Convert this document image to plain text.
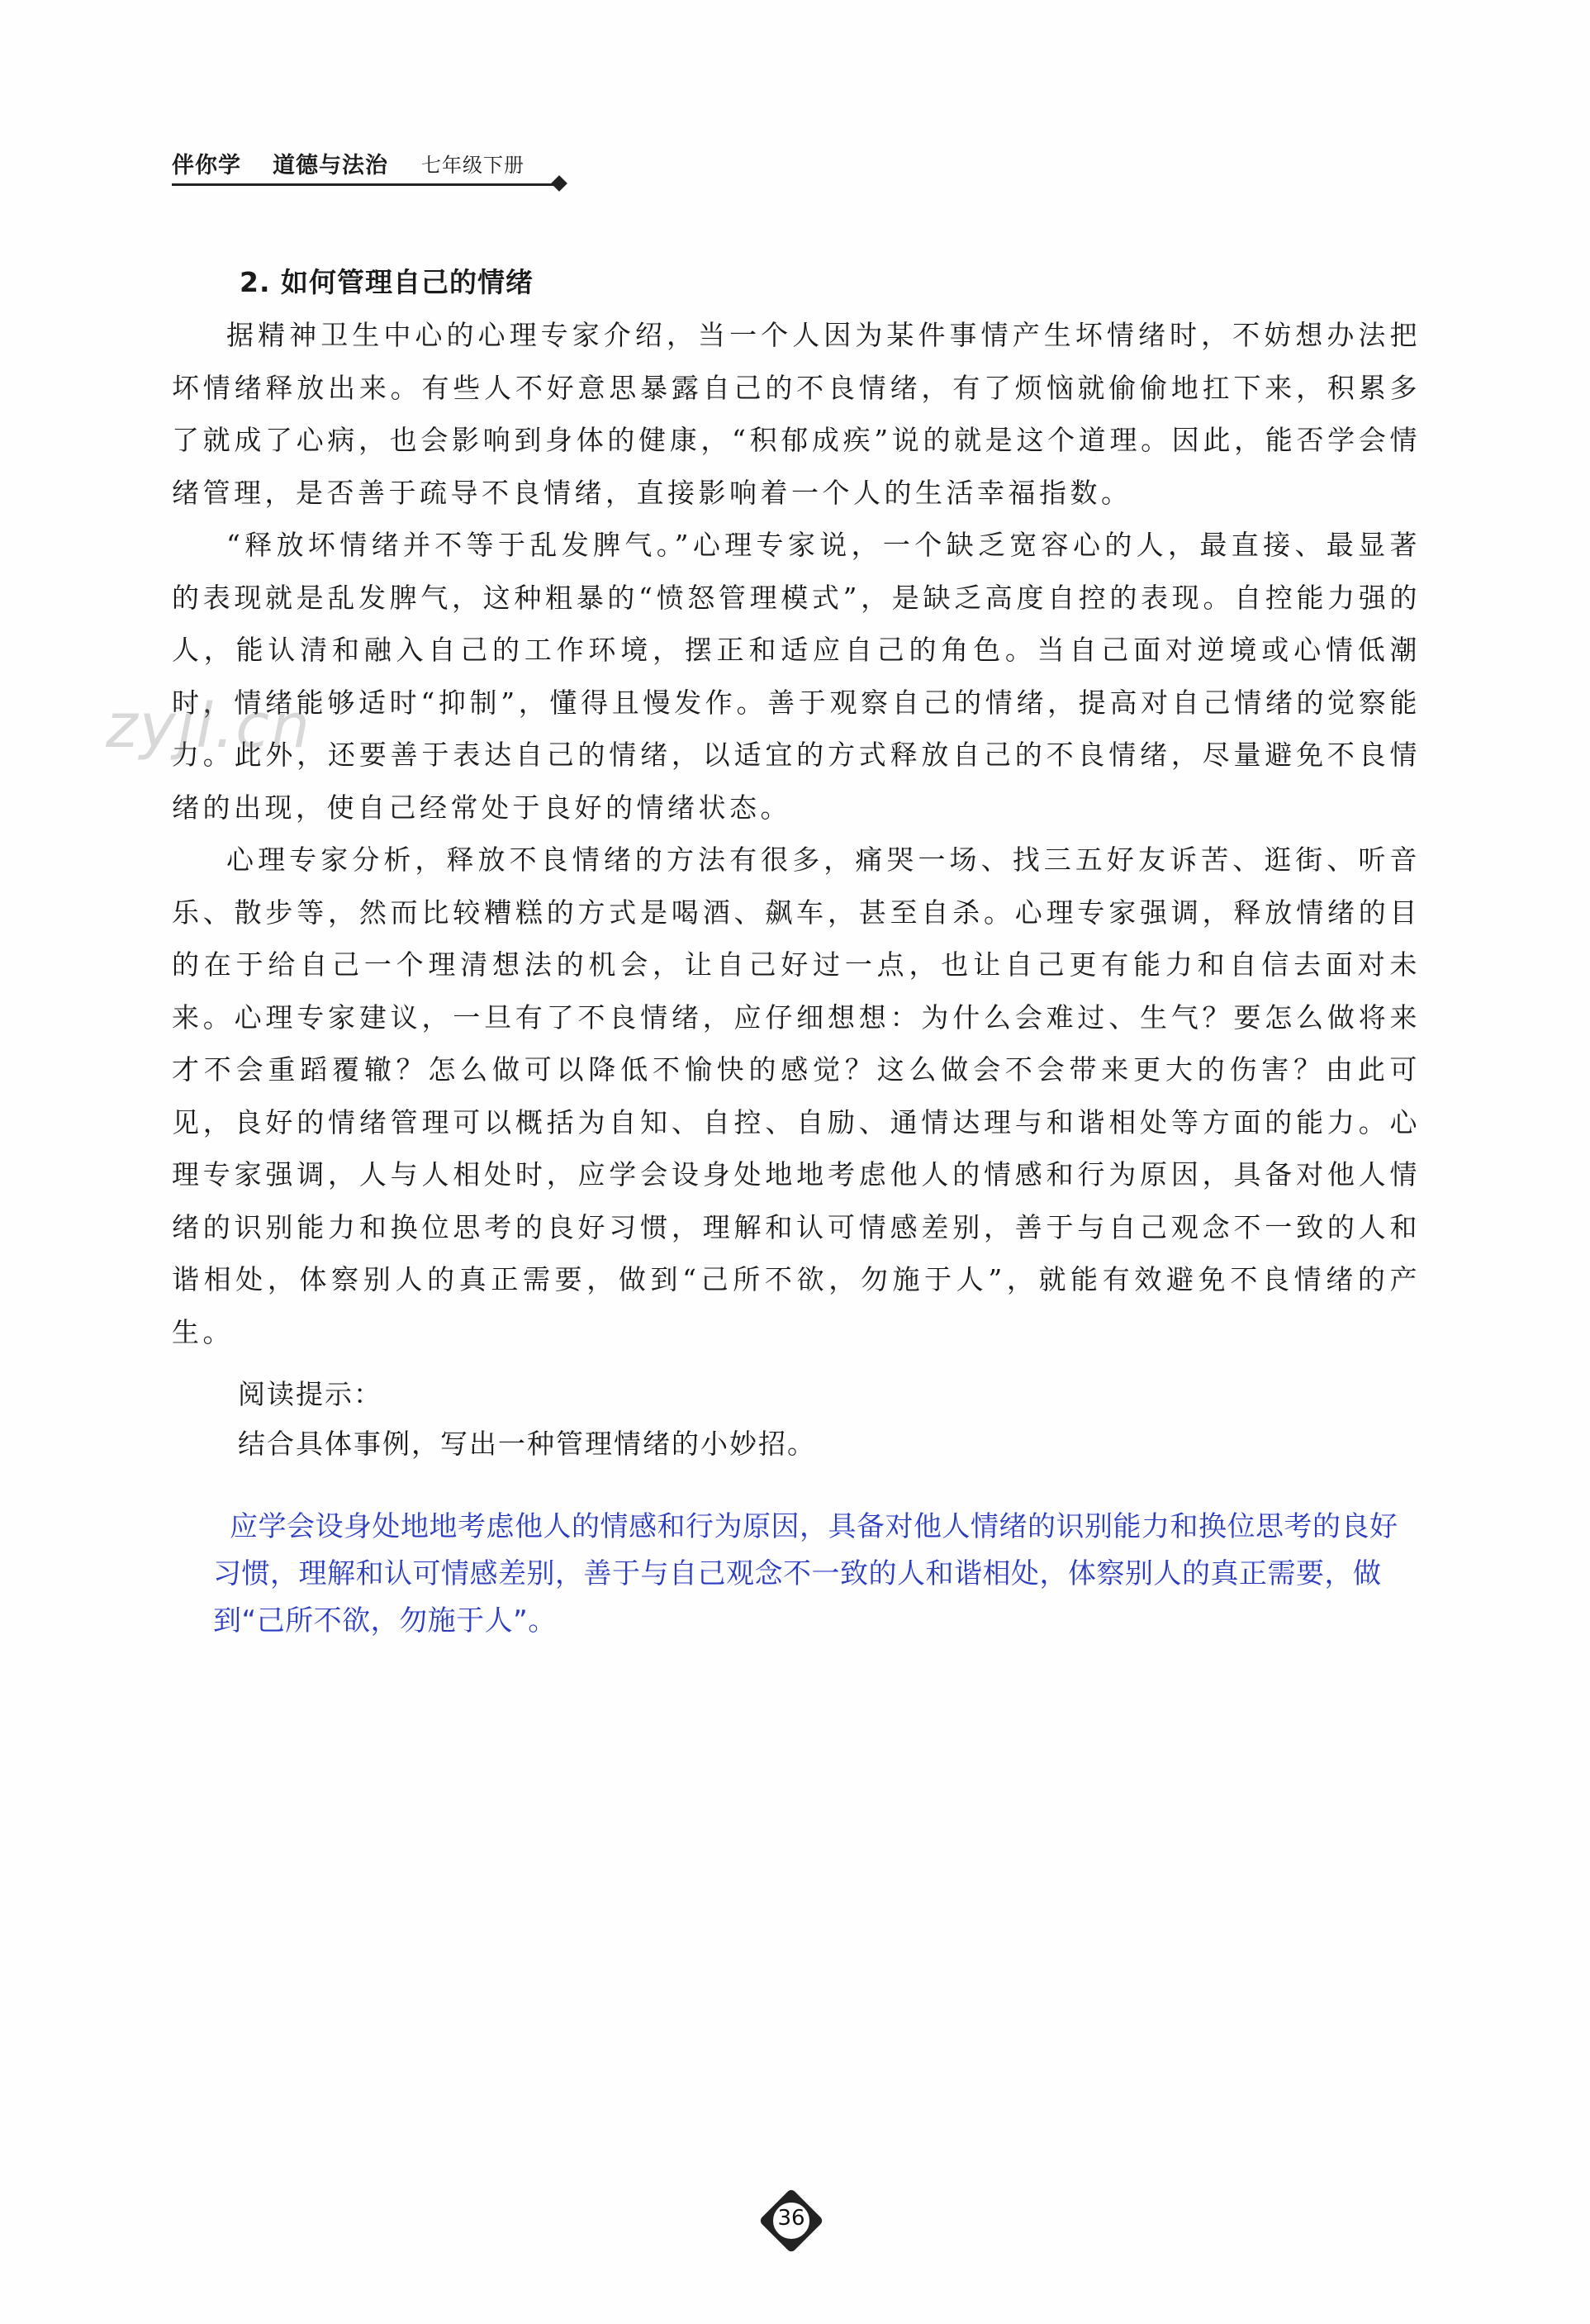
伴你学 道德与法治 七年级下册
2. 如何管理自己的情绪

据精神卫生中心的心理专家介绍，当一个人因为某件事情产生坏情绪时，不妨想办法把坏情绪释放出来。有些人不好意思暴露自己的不良情绪，有了烦恼就偷偷地扛下来，积累多了就成了心病，也会影响到身体的健康，“积郁成疾”说的就是这个道理。因此，能否学会情绪管理，是否善于疏导不良情绪，直接影响着一个人的生活幸福指数。

“释放坏情绪并不等于乱发脾气。”心理专家说，一个缺乏宽容心的人，最直接、最显著的表现就是乱发脾气，这种粗暴的“愤怒管理模式”，是缺乏高度自控的表现。自控能力强的人，能认清和融入自己的工作环境，摆正和适应自己的角色。当自己面对逆境或心情低潮时，情绪能够适时“抑制”，懂得且慢发作。善于观察自己的情绪，提高对自己情绪的觉察能力。此外，还要善于表达自己的情绪，以适宜的方式释放自己的不良情绪，尽量避免不良情绪的出现，使自己经常处于良好的情绪状态。

心理专家分析，释放不良情绪的方法有很多，痛哭一场、找三五好友诉苦、逛街、听音乐、散步等，然而比较糟糕的方式是喝酒、飙车，甚至自杀。心理专家强调，释放情绪的目的在于给自己一个理清想法的机会，让自己好过一点，也让自己更有能力和自信去面对未来。心理专家建议，一旦有了不良情绪，应仔细想想：为什么会难过、生气？要怎么做将来才不会重蹈覆辙？怎么做可以降低不愉快的感觉？这么做会不会带来更大的伤害？由此可见，良好的情绪管理可以概括为自知、自控、自励、通情达理与和谐相处等方面的能力。心理专家强调，人与人相处时，应学会设身处地地考虑他人的情感和行为原因，具备对他人情绪的识别能力和换位思考的良好习惯，理解和认可情感差别，善于与自己观念不一致的人和谐相处，体察别人的真正需要，做到“己所不欲，勿施于人”，就能有效避免不良情绪的产生。

阅读提示：
结合具体事例，写出一种管理情绪的小妙招。

应学会设身处地地考虑他人的情感和行为原因，具备对他人情绪的识别能力和换位思考的良好习惯，理解和认可情感差别，善于与自己观念不一致的人和谐相处，体察别人的真正需要，做到“己所不欲，勿施于人”。

zyjl.cn
36
